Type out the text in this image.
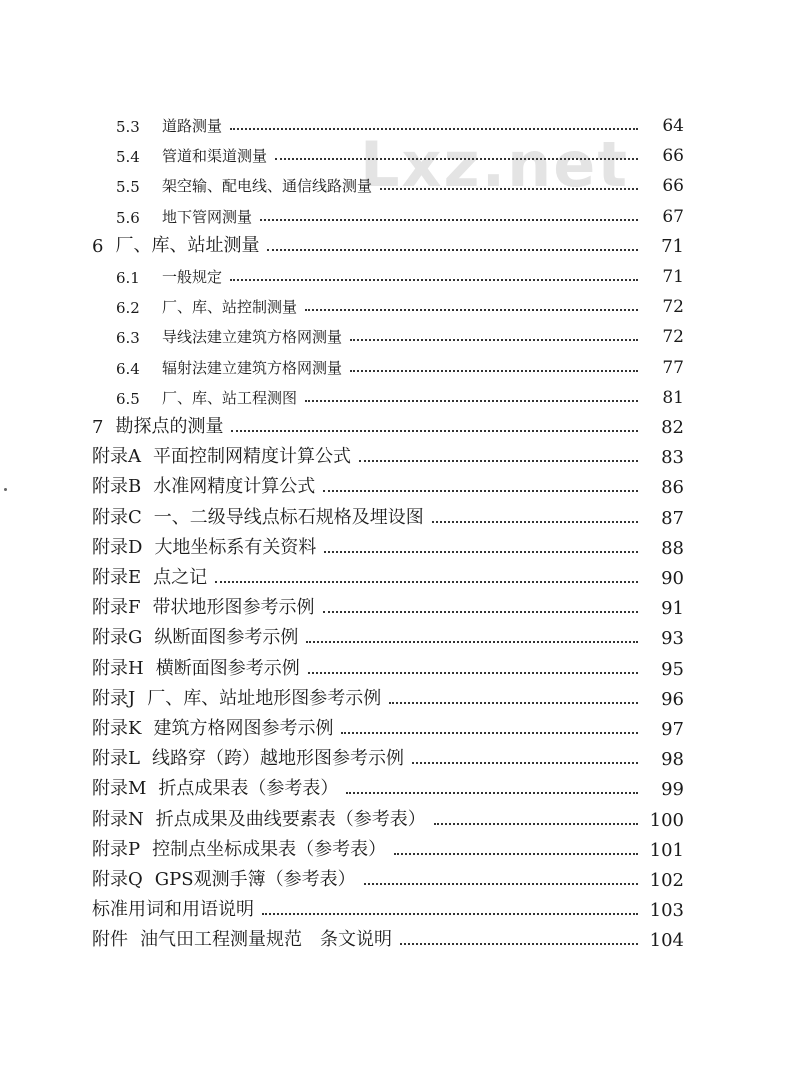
Lxz.net
5.3	道路测量	64
5.4	管道和渠道测量	66
5.5	架空输、配电线、通信线路测量	66
5.6	地下管网测量	67
6 厂、库、站址测量	71
6.1	一般规定	71
6.2	厂、库、站控制测量	72
6.3	导线法建立建筑方格网测量	72
6.4	辐射法建立建筑方格网测量	77
6.5	厂、库、站工程测图	81
7 勘探点的测量	82
附录A 平面控制网精度计算公式	83
附录B 水准网精度计算公式	86
附录C 一、二级导线点标石规格及埋设图	87
附录D 大地坐标系有关资料	88
附录E 点之记	90
附录F 带状地形图参考示例	91
附录G 纵断面图参考示例	93
附录H 横断面图参考示例	95
附录J 厂、库、站址地形图参考示例	96
附录K 建筑方格网图参考示例	97
附录L 线路穿（跨）越地形图参考示例	98
附录M 折点成果表（参考表）	99
附录N 折点成果及曲线要素表（参考表）	100
附录P 控制点坐标成果表（参考表）	101
附录Q GPS观测手簿（参考表）	102
标准用词和用语说明	103
附件 油气田工程测量规范　条文说明	104
